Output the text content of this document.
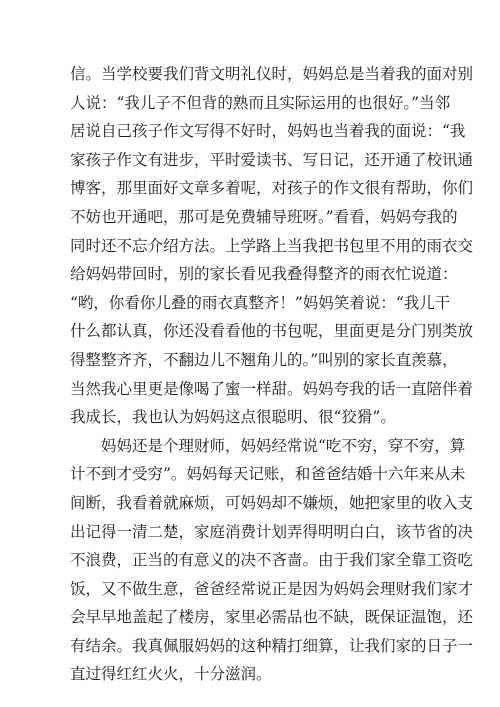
信。当学校要我们背文明礼仪时，妈妈总是当着我的面对别
人说：“我儿子不但背的熟而且实际运用的也很好。”当邻
居说自己孩子作文写得不好时，妈妈也当着我的面说：“我
家孩子作文有进步，平时爱读书、写日记，还开通了校讯通
博客，那里面好文章多着呢，对孩子的作文很有帮助，你们
不妨也开通吧，那可是免费辅导班呀。”看看，妈妈夸我的
同时还不忘介绍方法。上学路上当我把书包里不用的雨衣交
给妈妈带回时，别的家长看见我叠得整齐的雨衣忙说道：
“哟，你看你儿叠的雨衣真整齐！”妈妈笑着说：“我儿干
什么都认真，你还没看看他的书包呢，里面更是分门别类放
得整整齐齐，不翻边儿不翘角儿的。”叫别的家长直羡慕，
当然我心里更是像喝了蜜一样甜。妈妈夸我的话一直陪伴着
我成长，我也认为妈妈这点很聪明、很“狡猾”。
妈妈还是个理财师，妈妈经常说“吃不穷，穿不穷，算
计不到才受穷”。妈妈每天记账，和爸爸结婚十六年来从未
间断，我看着就麻烦，可妈妈却不嫌烦，她把家里的收入支
出记得一清二楚，家庭消费计划弄得明明白白，该节省的决
不浪费，正当的有意义的决不吝啬。由于我们家全靠工资吃
饭，又不做生意，爸爸经常说正是因为妈妈会理财我们家才
会早早地盖起了楼房，家里必需品也不缺，既保证温饱，还
有结余。我真佩服妈妈的这种精打细算，让我们家的日子一
直过得红红火火，十分滋润。
